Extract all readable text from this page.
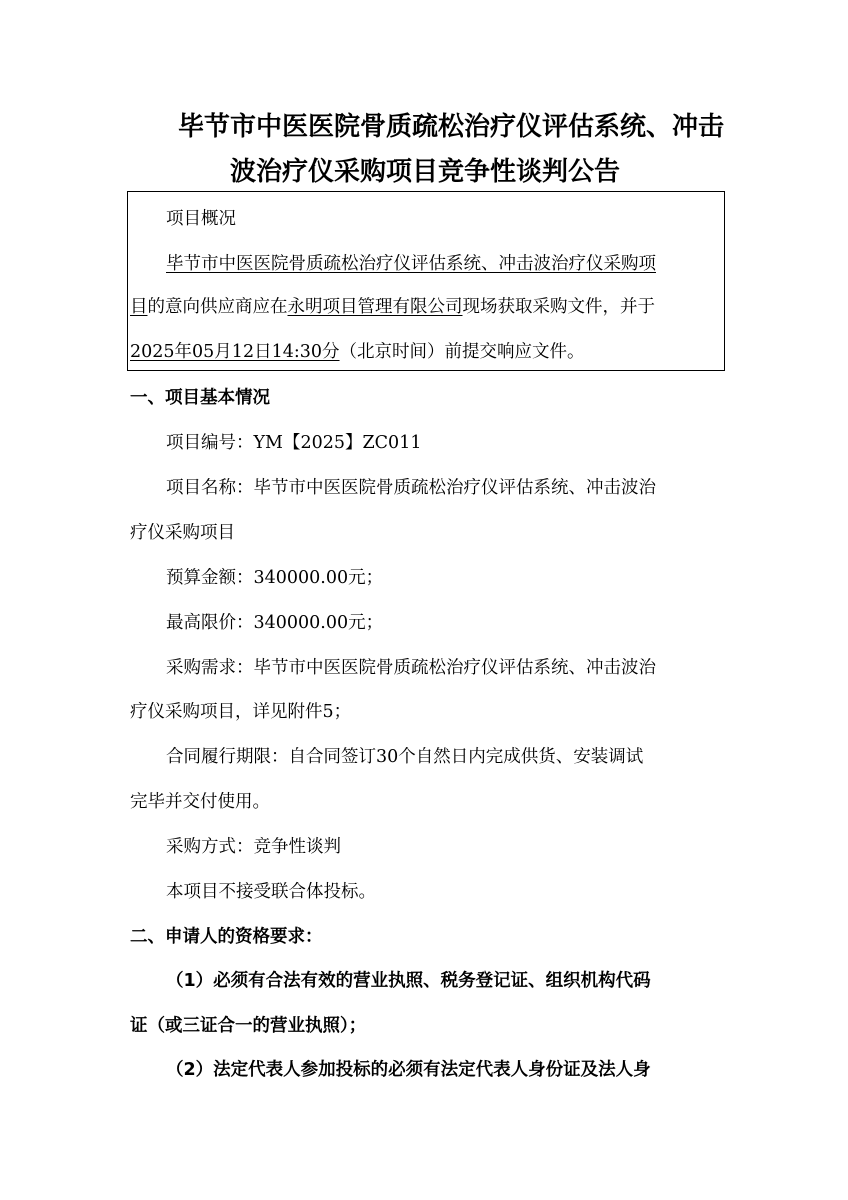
毕节市中医医院骨质疏松治疗仪评估系统、冲击
波治疗仪采购项目竞争性谈判公告
项目概况
毕节市中医医院骨质疏松治疗仪评估系统、冲击波治疗仪采购项
目的意向供应商应在永明项目管理有限公司现场获取采购文件，并于
2025年05月12日14:30分（北京时间）前提交响应文件。
一、项目基本情况
项目编号：YM【2025】ZC011
项目名称：毕节市中医医院骨质疏松治疗仪评估系统、冲击波治
疗仪采购项目
预算金额：340000.00元；
最高限价：340000.00元；
采购需求：毕节市中医医院骨质疏松治疗仪评估系统、冲击波治
疗仪采购项目，详见附件5；
合同履行期限：自合同签订30个自然日内完成供货、安装调试
完毕并交付使用。
采购方式：竞争性谈判
本项目不接受联合体投标。
二、申请人的资格要求：
（1）必须有合法有效的营业执照、税务登记证、组织机构代码
证（或三证合一的营业执照）；
（2）法定代表人参加投标的必须有法定代表人身份证及法人身
